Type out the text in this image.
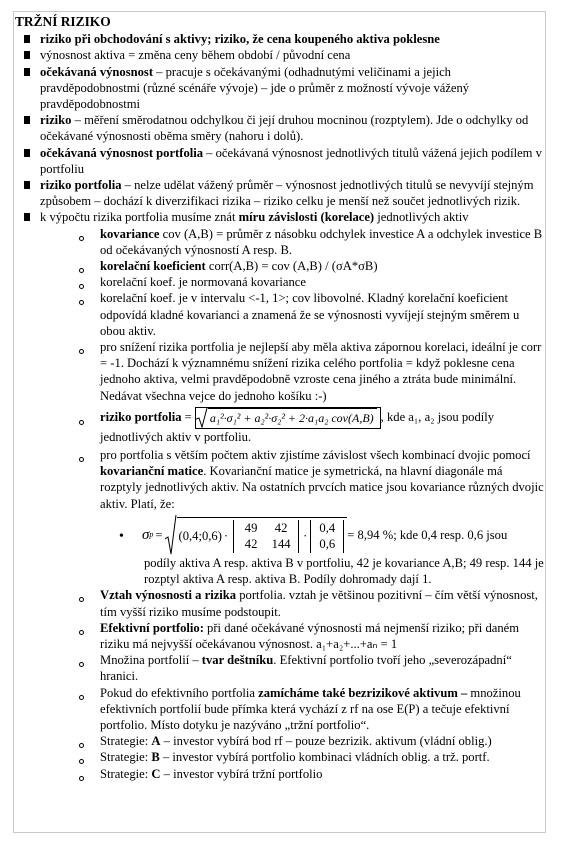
TRŽNÍ RIZIKO
riziko při obchodování s aktivy; riziko, že cena koupeného aktiva poklesne
výnosnost aktiva = změna ceny během období / původní cena
očekávaná výnosnost – pracuje s očekávanými (odhadnutými veličinami a jejich pravděpodobnostmi (různé scénáře vývoje) – jde o průměr z možností vývoje vážený pravděpodobnostmi
riziko – měření směrodatnou odchylkou či její druhou mocninou (rozptylem). Jde o odchylky od očekávané výnosnosti oběma směry (nahoru i dolů).
očekávaná výnosnost portfolia – očekávaná výnosnost jednotlivých titulů vážená jejich podílem v portfoliu
riziko portfolia – nelze udělat vážený průměr – výnosnost jednotlivých titulů se nevyvíjí stejným způsobem – dochází k diverzifikaci rizika – riziko celku je menší než součet jednotlivých rizik.
k výpočtu rizika portfolia musíme znát míru závislosti (korelace) jednotlivých aktiv
kovariance cov (A,B) = průměr z násobku odchylek investice A a odchylek investice B od očekávaných výnosností A resp. B.
korelační koeficient corr(A,B) = cov (A,B) / (σA*σB)
korelační koef. je normovaná kovariance
korelační koef. je v intervalu <-1, 1>; cov libovolné. Kladný korelační koeficient odpovídá kladné kovarianci a znamená že se výnosnosti vyvíjejí stejným směrem u obou aktiv.
pro snížení rizika portfolia je nejlepší aby měla aktiva zápornou korelaci, ideální je corr = -1. Dochází k významnému snížení rizika celého portfolia = když poklesne cena jednoho aktiva, velmi pravděpodobně vzroste cena jiného a ztráta bude minimální. Nedávat všechna vejce do jednoho košíku :-)
riziko portfolia = a₁²·σ₁² + a₂²·σ₂² + 2·a₁a₂ cov(A,B) , kde a₁, a₂ jsou podíly jednotlivých aktiv v portfoliu.
pro portfolia s větším počtem aktiv zjistíme závislost všech kombinací dvojic pomocí kovarianční matice. Kovarianční matice je symetrická, na hlavní diagonále má rozptyly jednotlivých aktiv. Na ostatních prvcích matice jsou kovariance různých dvojic aktiv. Platí, že:
• σ p = (0,4;0,6) ·
49	42
42	144
·
0,4
0,6
= 8,94 %; kde 0,4 resp. 0,6 jsou
podíly aktiva A resp. aktiva B v portfoliu, 42 je kovariance A,B; 49 resp. 144 je rozptyl aktiva A resp. aktiva B. Podíly dohromady dají 1.
Vztah výnosnosti a rizika portfolia. vztah je většinou pozitivní – čím větší výnosnost, tím vyšší riziko musíme podstoupit.
Efektivní portfolio: při dané očekávané výnosnosti má nejmenší riziko; při daném riziku má nejvyšší očekávanou výnosnost. a₁+a₂+...+aₙ = 1
Množina portfolií – tvar deštníku. Efektivní portfolio tvoří jeho „severozápadní“ hranici.
Pokud do efektivního portfolia zamícháme také bezrizikové aktivum – množinou efektivních portfolií bude přímka která vychází z rf na ose E(P) a tečuje efektivní portfolio. Místo dotyku je nazýváno „tržní portfolio“.
Strategie: A – investor vybírá bod rf – pouze bezrizik. aktivum (vládní oblig.)
Strategie: B – investor vybírá portfolio kombinaci vládních oblig. a trž. portf.
Strategie: C – investor vybírá tržní portfolio
